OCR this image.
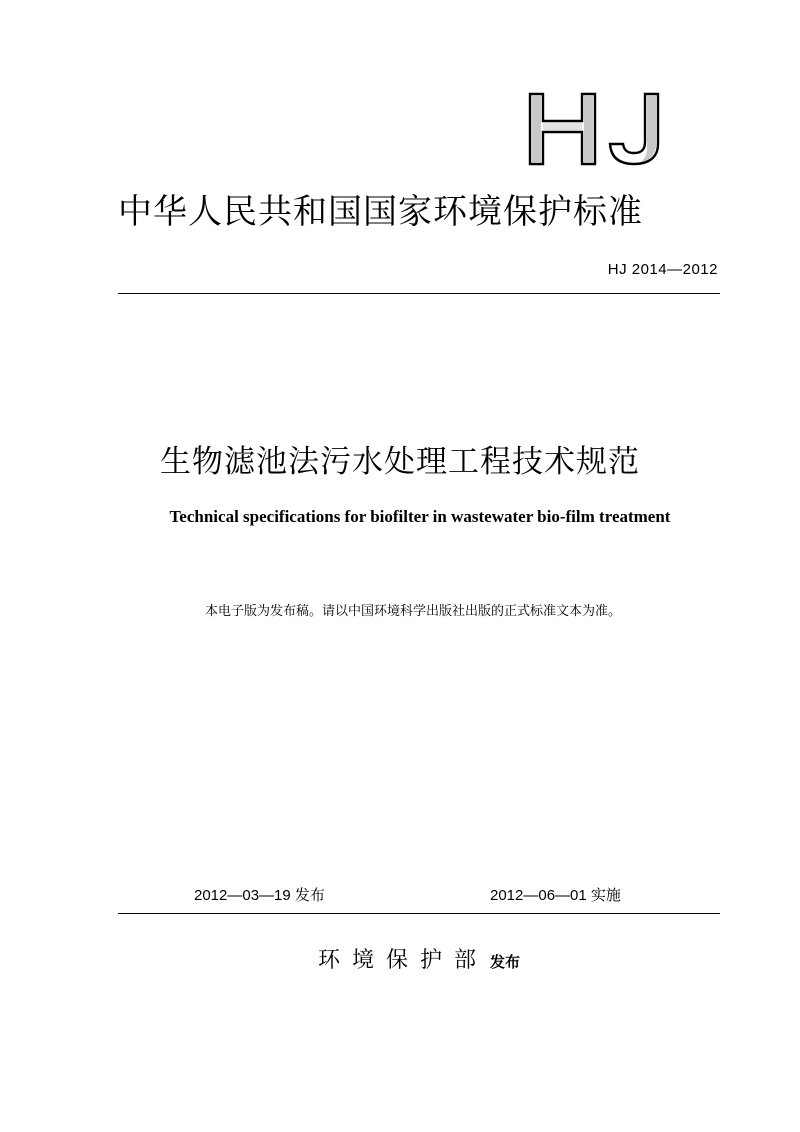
中华人民共和国国家环境保护标准
HJ 2014—2012
生物滤池法污水处理工程技术规范
Technical specifications for biofilter in wastewater bio-film treatment
本电子版为发布稿。请以中国环境科学出版社出版的正式标准文本为准。
2012—03—19 发布	2012—06—01 实施
环境保护部 发布
